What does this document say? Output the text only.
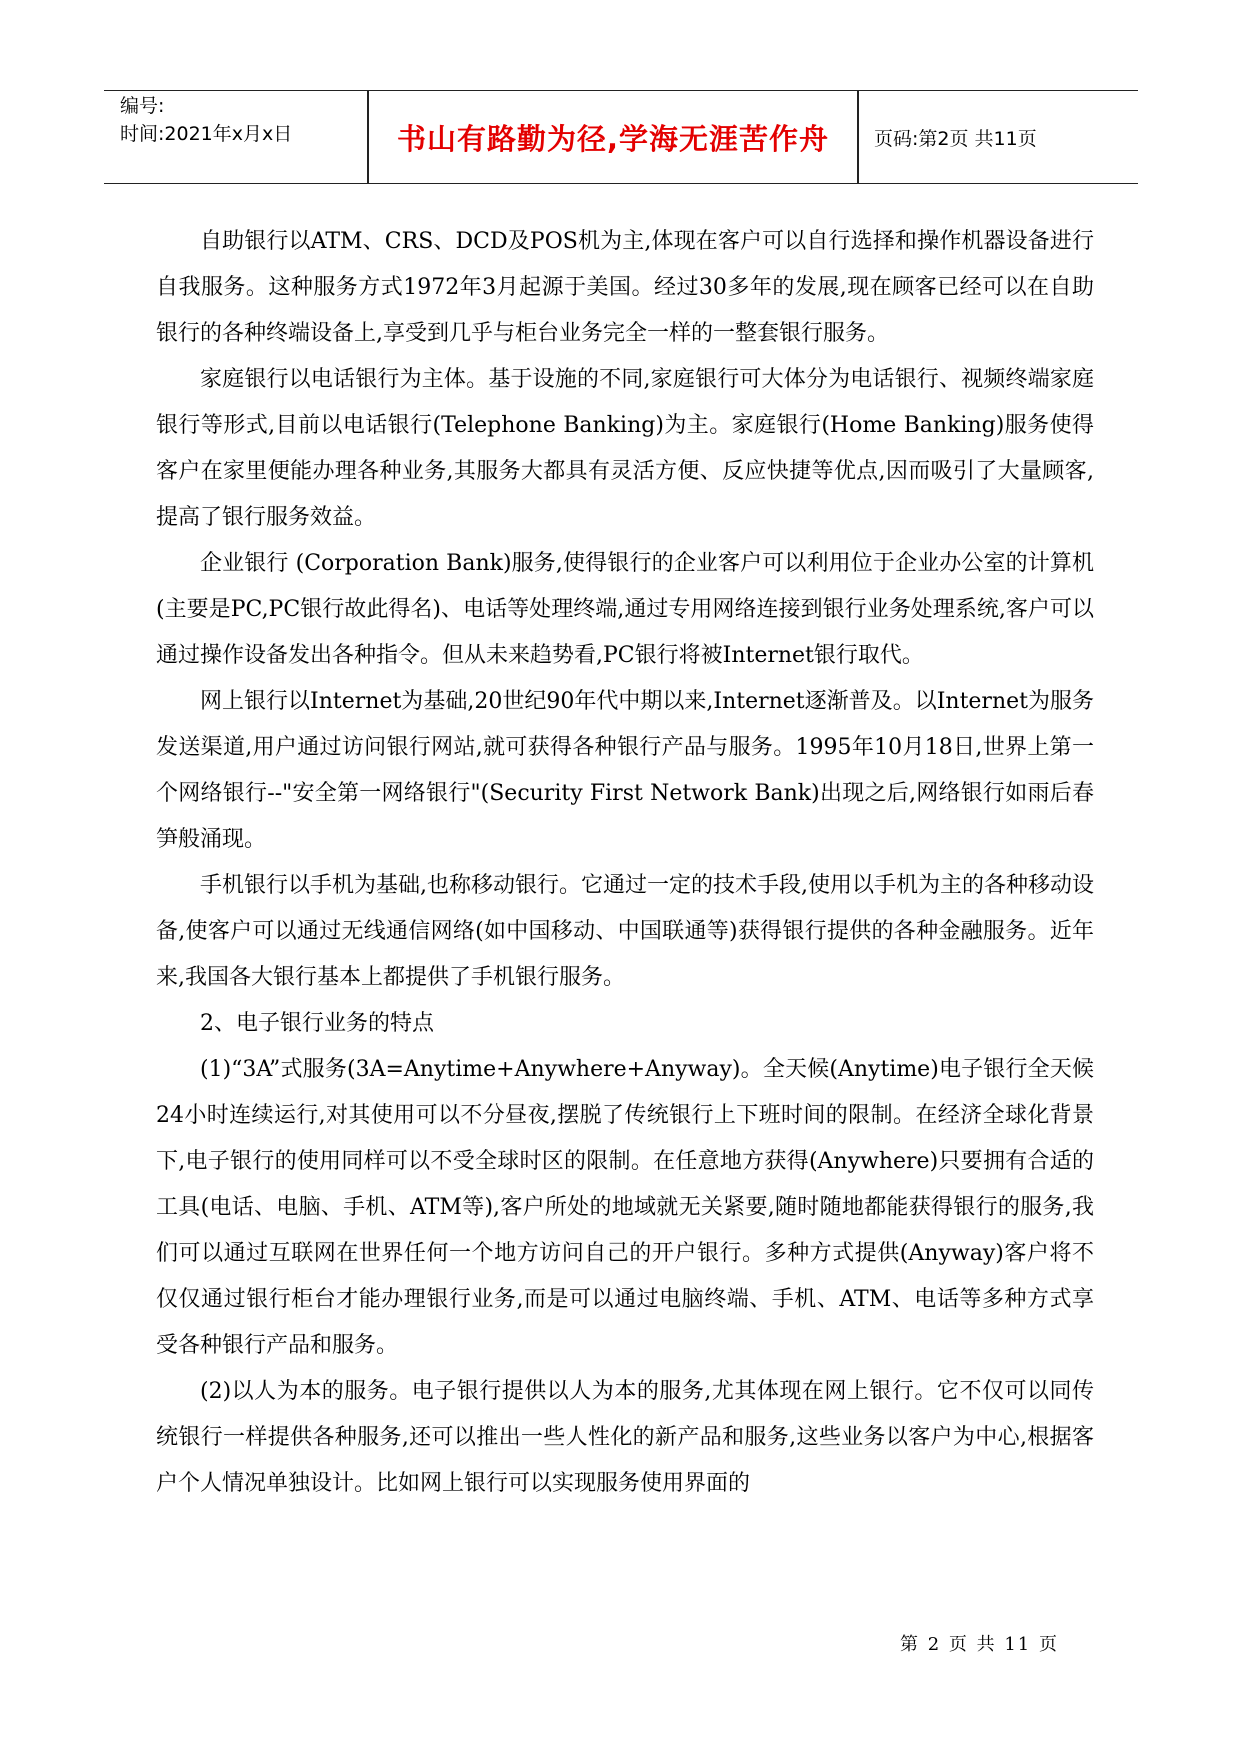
编号:
时间:2021年x月x日	书山有路勤为径,学海无涯苦作舟	页码:第2页 共11页

自助银行以ATM、CRS、DCD及POS机为主,体现在客户可以自行选择和操作机器设备进行自我服务。这种服务方式1972年3月起源于美国。经过30多年的发展,现在顾客已经可以在自助银行的各种终端设备上,享受到几乎与柜台业务完全一样的一整套银行服务。

家庭银行以电话银行为主体。基于设施的不同,家庭银行可大体分为电话银行、视频终端家庭银行等形式,目前以电话银行(Telephone Banking)为主。家庭银行(Home Banking)服务使得客户在家里便能办理各种业务,其服务大都具有灵活方便、反应快捷等优点,因而吸引了大量顾客,提高了银行服务效益。

企业银行 (Corporation Bank)服务,使得银行的企业客户可以利用位于企业办公室的计算机(主要是PC,PC银行故此得名)、电话等处理终端,通过专用网络连接到银行业务处理系统,客户可以通过操作设备发出各种指令。但从未来趋势看,PC银行将被Internet银行取代。

网上银行以Internet为基础,20世纪90年代中期以来,Internet逐渐普及。以Internet为服务发送渠道,用户通过访问银行网站,就可获得各种银行产品与服务。1995年10月18日,世界上第一个网络银行--"安全第一网络银行"(Security First Network Bank)出现之后,网络银行如雨后春笋般涌现。

手机银行以手机为基础,也称移动银行。它通过一定的技术手段,使用以手机为主的各种移动设备,使客户可以通过无线通信网络(如中国移动、中国联通等)获得银行提供的各种金融服务。近年来,我国各大银行基本上都提供了手机银行服务。

2、电子银行业务的特点

(1)“3A”式服务(3A=Anytime+Anywhere+Anyway)。全天候(Anytime)电子银行全天候24小时连续运行,对其使用可以不分昼夜,摆脱了传统银行上下班时间的限制。在经济全球化背景下,电子银行的使用同样可以不受全球时区的限制。在任意地方获得(Anywhere)只要拥有合适的工具(电话、电脑、手机、ATM等),客户所处的地域就无关紧要,随时随地都能获得银行的服务,我们可以通过互联网在世界任何一个地方访问自己的开户银行。多种方式提供(Anyway)客户将不仅仅通过银行柜台才能办理银行业务,而是可以通过电脑终端、手机、ATM、电话等多种方式享受各种银行产品和服务。

(2)以人为本的服务。电子银行提供以人为本的服务,尤其体现在网上银行。它不仅可以同传统银行一样提供各种服务,还可以推出一些人性化的新产品和服务,这些业务以客户为中心,根据客户个人情况单独设计。比如网上银行可以实现服务使用界面的

第 2 页 共 11 页
